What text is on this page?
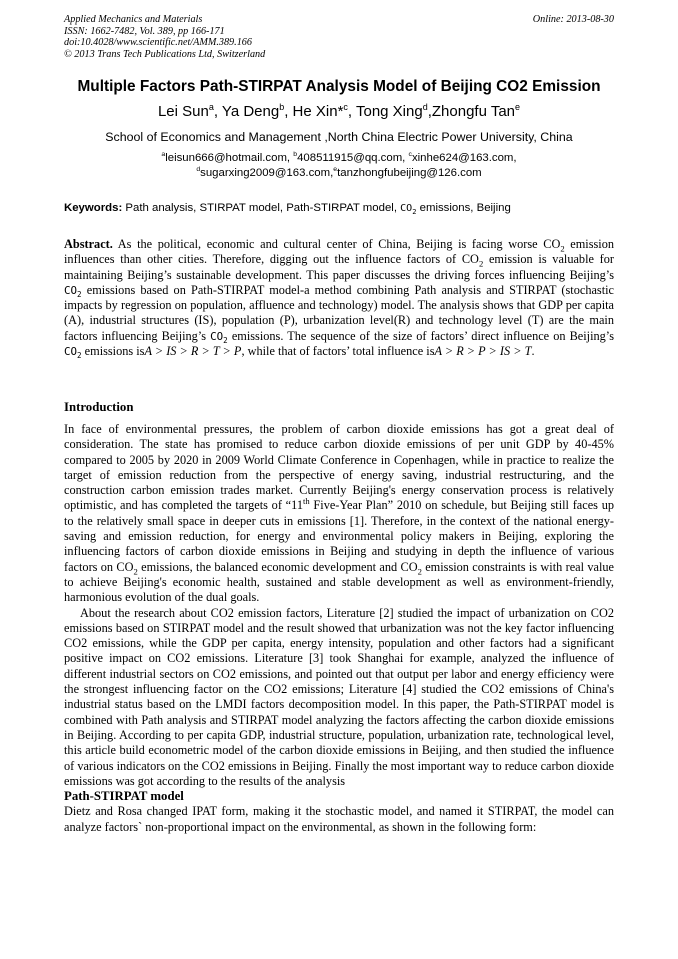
Applied Mechanics and Materials
ISSN: 1662-7482, Vol. 389, pp 166-171
doi:10.4028/www.scientific.net/AMM.389.166
© 2013 Trans Tech Publications Ltd, Switzerland
Online: 2013-08-30
Multiple Factors Path-STIRPAT Analysis Model of Beijing CO2 Emission
Lei Sun$^a$, Ya Deng$^b$, He Xin*$^c$, Tong Xing$^d$,Zhongfu Tan$^e$
School of Economics and Management ,North China Electric Power University, China
$^a$leisun666@hotmail.com, $^b$408511915@qq.com, $^c$xinhe624@163.com,
$^d$sugarxing2009@163.com,$^e$tanzhongfubeijing@126.com
Keywords: Path analysis, STIRPAT model, Path-STIRPAT model, $CO_2$ emissions, Beijing

Abstract. As the political, economic and cultural center of China, Beijing is facing worse $CO_2$ emission influences than other cities. Therefore, digging out the influence factors of $CO_2$ emission is valuable for maintaining Beijing’s sustainable development. This paper discusses the driving forces influencing Beijing’s $CO_2$ emissions based on Path-STIRPAT model-a method combining Path analysis and STIRPAT (stochastic impacts by regression on population, affluence and technology) model. The analysis shows that GDP per capita (A), industrial structures (IS), population (P), urbanization level(R) and technology level (T) are the main factors influencing Beijing’s $CO_2$ emissions. The sequence of the size of factors’ direct influence on Beijing’s $CO_2$ emissions isA > IS > R > T > P, while that of factors’ total influence isA > R > P > IS > T.

Introduction

In face of environmental pressures, the problem of carbon dioxide emissions has got a great deal of consideration. The state has promised to reduce carbon dioxide emissions of per unit GDP by 40-45% compared to 2005 by 2020 in 2009 World Climate Conference in Copenhagen, while in practice to realize the target of emission reduction from the perspective of energy saving, industrial restructuring, and the construction carbon emission trades market. Currently Beijing's energy conservation process is relatively optimistic, and has completed the targets of “11th Five-Year Plan” 2010 on schedule, but Beijing still faces up to the relatively small space in deeper cuts in emissions [1]. Therefore, in the context of the national energy-saving and emission reduction, for energy and environmental policy makers in Beijing, exploring the influencing factors of carbon dioxide emissions in Beijing and studying in depth the influence of various factors on $CO_2$ emissions, the balanced economic development and $CO_2$ emission constraints is with real value to achieve Beijing's economic health, sustained and stable development as well as environment-friendly, harmonious evolution of the dual goals.

About the research about CO2 emission factors, Literature [2] studied the impact of urbanization on CO2 emissions based on STIRPAT model and the result showed that urbanization was not the key factor influencing CO2 emissions, while the GDP per capita, energy intensity, population and other factors had a significant positive impact on CO2 emissions. Literature [3] took Shanghai for example, analyzed the influence of different industrial sectors on CO2 emissions, and pointed out that output per labor and energy efficiency were the strongest influencing factor on the CO2 emissions; Literature [4] studied the CO2 emissions of China's industrial status based on the LMDI factors decomposition model. In this paper, the Path-STIRPAT model is combined with Path analysis and STIRPAT model analyzing the factors affecting the carbon dioxide emissions in Beijing. According to per capita GDP, industrial structure, population, urbanization rate, technological level, this article build econometric model of the carbon dioxide emissions in Beijing, and then studied the influence of various indicators on the CO2 emissions in Beijing. Finally the most important way to reduce carbon dioxide emissions was got according to the results of the analysis

Path-STIRPAT model

Dietz and Rosa changed IPAT form, making it the stochastic model, and named it STIRPAT, the model can analyze factors` non-proportional impact on the environmental, as shown in the following form:
